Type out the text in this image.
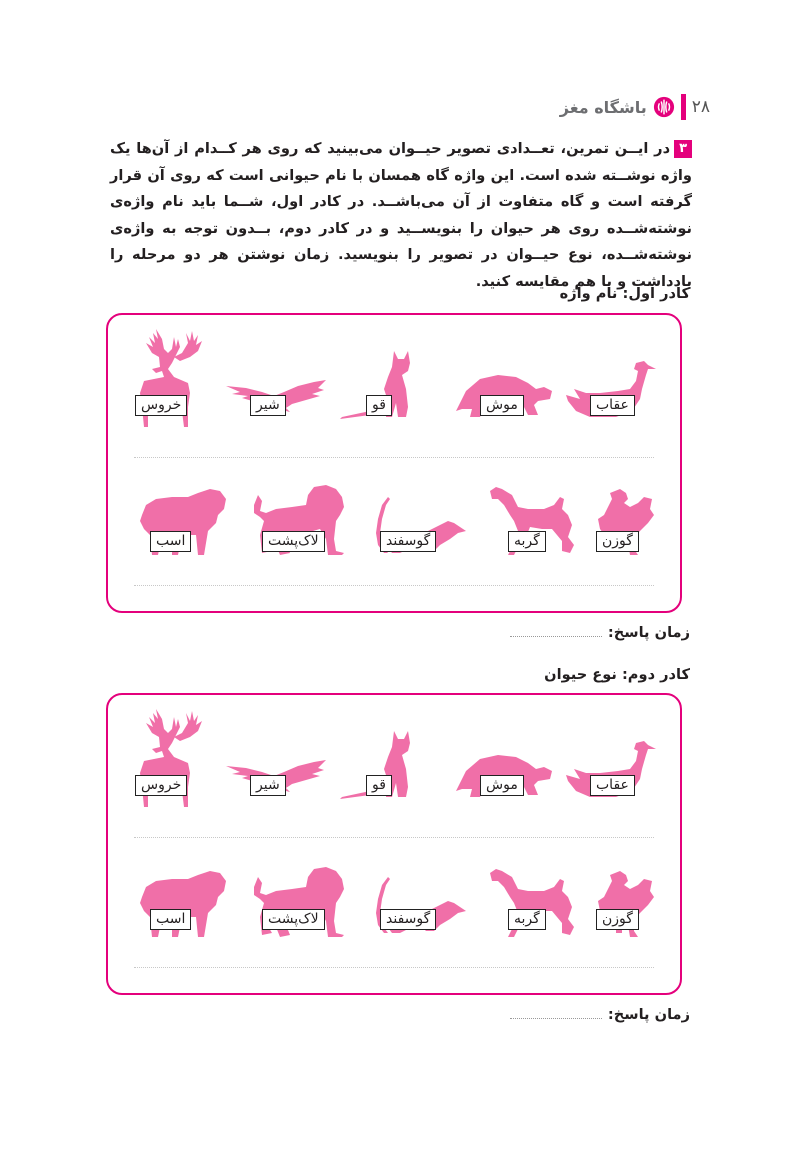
۲۸
باشگاه مغز
۳در ایــن تمرین، تعــدادی تصویر حیــوان می‌بینید که روی هر کــدام از آن‌ها یک واژه نوشــته شده است. این واژه گاه همسان با نام حیوانی است که روی آن قرار گرفته است و گاه متفاوت از آن می‌باشــد. در کادر اول، شــما باید نام واژه‌ی نوشته‌شــده روی هر حیوان را بنویســید و در کادر دوم، بــدون توجه به واژه‌ی نوشته‌شــده، نوع حیــوان در تصویر را بنویسید. زمان نوشتن هر دو مرحله را یادداشت و با هم مقایسه کنید.
کادر اول: نام واژه
خروس	شیر	قو	موش	عقاب
اسب	لاک‌پشت	گوسفند	گربه	گوزن
زمان پاسخ:
کادر دوم: نوع حیوان
خروس	شیر	قو	موش	عقاب
اسب	لاک‌پشت	گوسفند	گربه	گوزن
زمان پاسخ:
